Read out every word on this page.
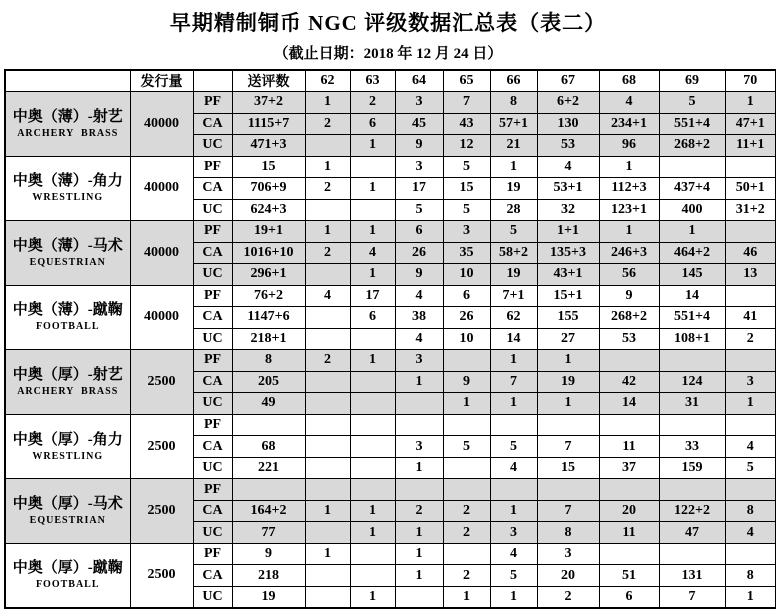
早期精制铜币 NGC 评级数据汇总表（表二）
（截止日期：2018 年 12 月 24 日）
	发行量		送评数	62	63	64	65	66	67	68	69	70

中奥（薄）-射艺
ARCHERY  BRASS	40000	PF	37+2	1	2	3	7	8	6+2	4	5	1
		CA	1115+7	2	6	45	43	57+1	130	234+1	551+4	47+1
		UC	471+3		1	9	12	21	53	96	268+2	11+1

中奥（薄）-角力
WRESTLING	40000	PF	15	1		3	5	1	4	1		
		CA	706+9	2	1	17	15	19	53+1	112+3	437+4	50+1
		UC	624+3			5	5	28	32	123+1	400	31+2

中奥（薄）-马术
EQUESTRIAN	40000	PF	19+1	1	1	6	3	5	1+1	1	1	
		CA	1016+10	2	4	26	35	58+2	135+3	246+3	464+2	46
		UC	296+1		1	9	10	19	43+1	56	145	13

中奥（薄）-蹴鞠
FOOTBALL	40000	PF	76+2	4	17	4	6	7+1	15+1	9	14	
		CA	1147+6		6	38	26	62	155	268+2	551+4	41
		UC	218+1			4	10	14	27	53	108+1	2

中奥（厚）-射艺
ARCHERY  BRASS	2500	PF	8	2	1	3		1	1			
		CA	205			1	9	7	19	42	124	3
		UC	49				1	1	1	14	31	1

中奥（厚）-角力
WRESTLING	2500	PF										
		CA	68			3	5	5	7	11	33	4
		UC	221			1		4	15	37	159	5

中奥（厚）-马术
EQUESTRIAN	2500	PF										
		CA	164+2	1	1	2	2	1	7	20	122+2	8
		UC	77		1	1	2	3	8	11	47	4

中奥（厚）-蹴鞠
FOOTBALL	2500	PF	9	1		1		4	3			
		CA	218			1	2	5	20	51	131	8
		UC	19		1		1	1	2	6	7	1
